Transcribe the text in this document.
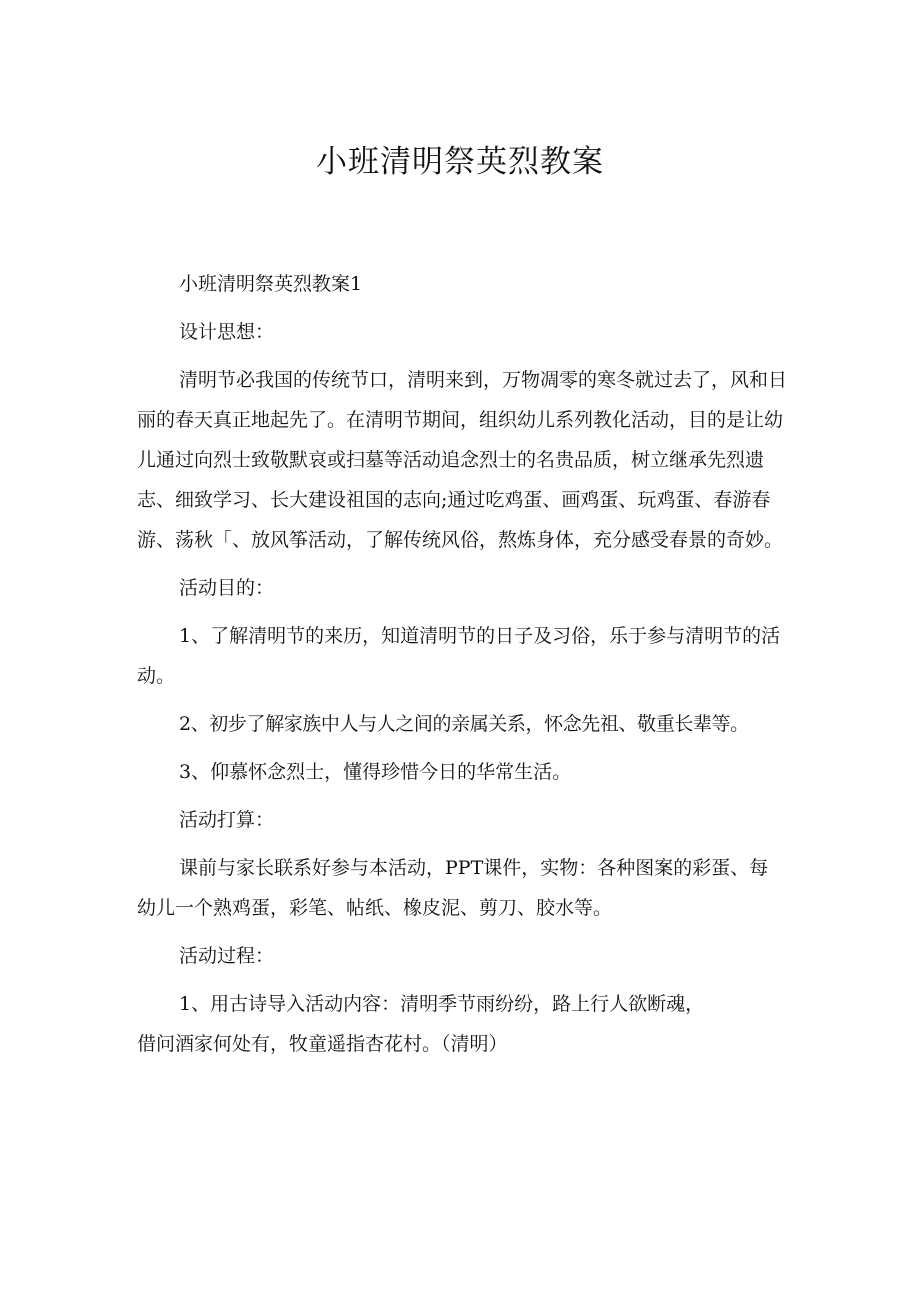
小班清明祭英烈教案

小班清明祭英烈教案1

设计思想：

清明节必我国的传统节口，清明来到，万物凋零的寒冬就过去了，风和日丽的春天真正地起先了。在清明节期间，组织幼儿系列教化活动，目的是让幼儿通过向烈士致敬默哀或扫墓等活动追念烈士的名贵品质，树立继承先烈遗志、细致学习、长大建设祖国的志向;通过吃鸡蛋、画鸡蛋、玩鸡蛋、春游春游、荡秋「、放风筝活动，了解传统风俗，熬炼身体，充分感受春景的奇妙。

活动目的：

1、了解清明节的来历，知道清明节的日子及习俗，乐于参与清明节的活动。

2、初步了解家族中人与人之间的亲属关系，怀念先祖、敬重长辈等。

3、仰慕怀念烈士，懂得珍惜今日的华常生活。

活动打算：

课前与家长联系好参与本活动，PPT课件，实物：各种图案的彩蛋、每幼儿一个熟鸡蛋，彩笔、帖纸、橡皮泥、剪刀、胶水等。

活动过程：

1、用古诗导入活动内容：清明季节雨纷纷，路上行人欲断魂，

借问酒家何处有，牧童遥指杏花村。（清明）
